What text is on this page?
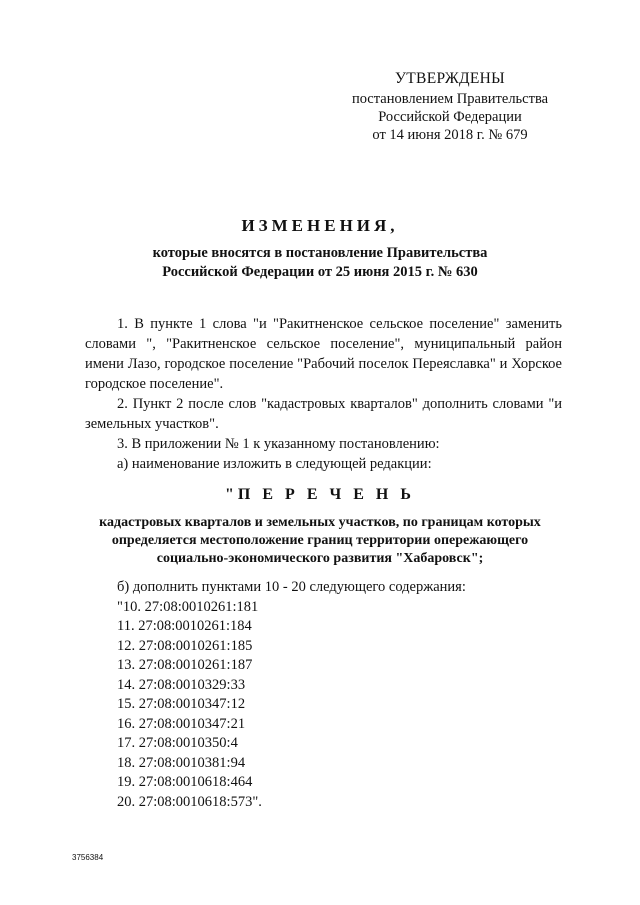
УТВЕРЖДЕНЫ
постановлением Правительства
Российской Федерации
от 14 июня 2018 г. № 679
ИЗМЕНЕНИЯ,
которые вносятся в постановление Правительства
Российской Федерации от 25 июня 2015 г. № 630

1. В пункте 1 слова "и "Ракитненское сельское поселение" заменить словами ", "Ракитненское сельское поселение", муниципальный район имени Лазо, городское поселение "Рабочий поселок Переяславка" и Хорское городское поселение".

2. Пункт 2 после слов "кадастровых кварталов" дополнить словами "и земельных участков".

3. В приложении № 1 к указанному постановлению:

а) наименование изложить в следующей редакции:

"П Е Р Е Ч Е Н Ь
кадастровых кварталов и земельных участков, по границам которых
определяется местоположение границ территории опережающего
социально-экономического развития "Хабаровск";
б) дополнить пунктами 10 - 20 следующего содержания:
"10. 27:08:0010261:181
11. 27:08:0010261:184
12. 27:08:0010261:185
13. 27:08:0010261:187
14. 27:08:0010329:33
15. 27:08:0010347:12
16. 27:08:0010347:21
17. 27:08:0010350:4
18. 27:08:0010381:94
19. 27:08:0010618:464
20. 27:08:0010618:573".
3756384
